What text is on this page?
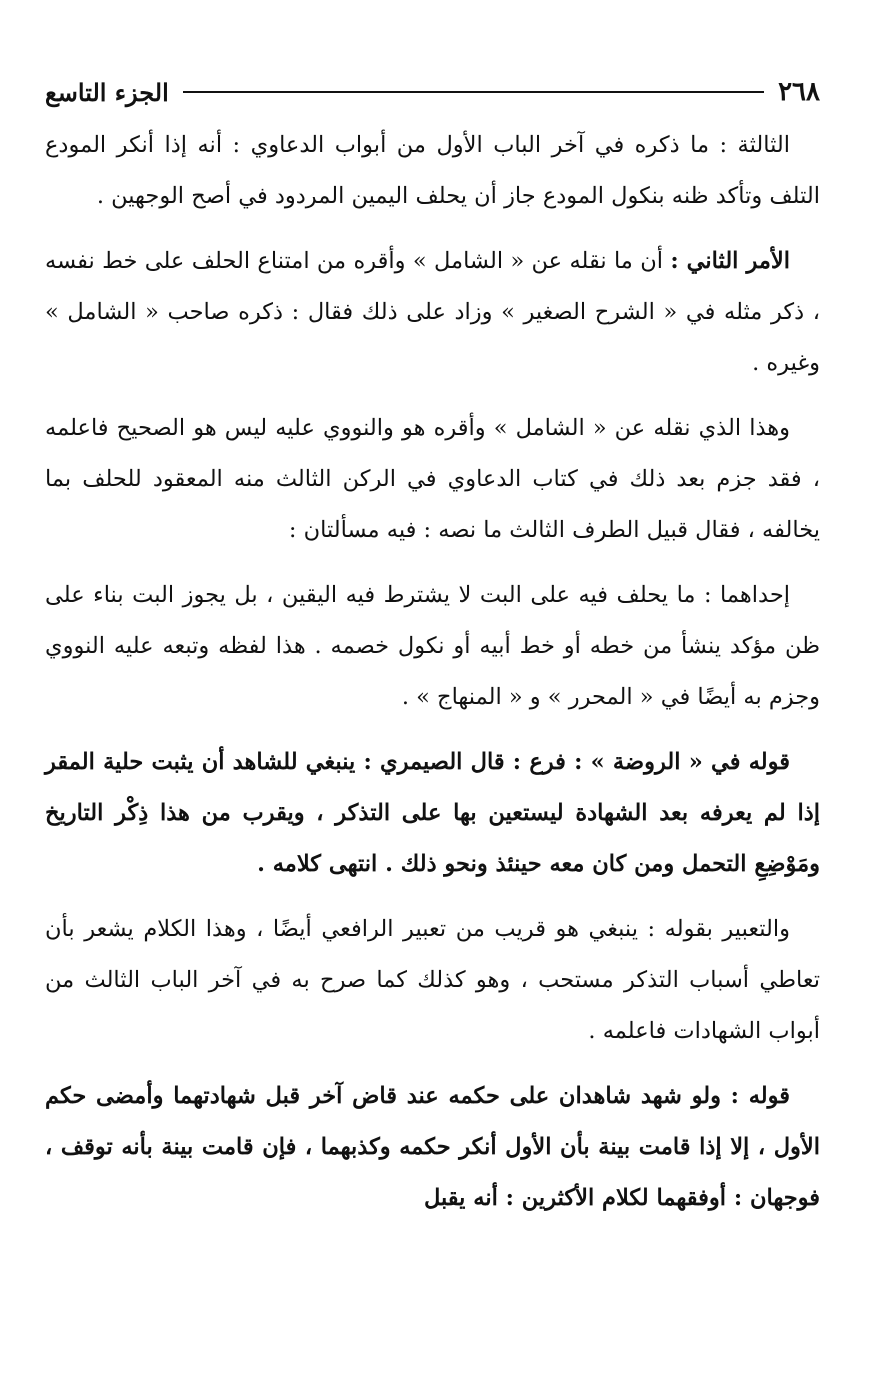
٢٦٨
الجزء التاسع

الثالثة : ما ذكره في آخر الباب الأول من أبواب الدعاوي : أنه إذا أنكر المودع التلف وتأكد ظنه بنكول المودع جاز أن يحلف اليمين المردود في أصح الوجهين .

الأمر الثاني : أن ما نقله عن « الشامل » وأقره من امتناع الحلف على خط نفسه ، ذكر مثله في « الشرح الصغير » وزاد على ذلك فقال : ذكره صاحب « الشامل » وغيره .

وهذا الذي نقله عن « الشامل » وأقره هو والنووي عليه ليس هو الصحيح فاعلمه ، فقد جزم بعد ذلك في كتاب الدعاوي في الركن الثالث منه المعقود للحلف بما يخالفه ، فقال قبيل الطرف الثالث ما نصه : فيه مسألتان :

إحداهما : ما يحلف فيه على البت لا يشترط فيه اليقين ، بل يجوز البت بناء على ظن مؤكد ينشأ من خطه أو خط أبيه أو نكول خصمه . هذا لفظه وتبعه عليه النووي وجزم به أيضًا في « المحرر » و « المنهاج » .

قوله في « الروضة » : فرع : قال الصيمري : ينبغي للشاهد أن يثبت حلية المقر إذا لم يعرفه بعد الشهادة ليستعين بها على التذكر ، ويقرب من هذا ذِكْر التاريخ ومَوْضِعِ التحمل ومن كان معه حينئذ ونحو ذلك . انتهى كلامه .

والتعبير بقوله : ينبغي هو قريب من تعبير الرافعي أيضًا ، وهذا الكلام يشعر بأن تعاطي أسباب التذكر مستحب ، وهو كذلك كما صرح به في آخر الباب الثالث من أبواب الشهادات فاعلمه .

قوله : ولو شهد شاهدان على حكمه عند قاض آخر قبل شهادتهما وأمضى حكم الأول ، إلا إذا قامت بينة بأن الأول أنكر حكمه وكذبهما ، فإن قامت بينة بأنه توقف ، فوجهان : أوفقهما لكلام الأكثرين : أنه يقبل
